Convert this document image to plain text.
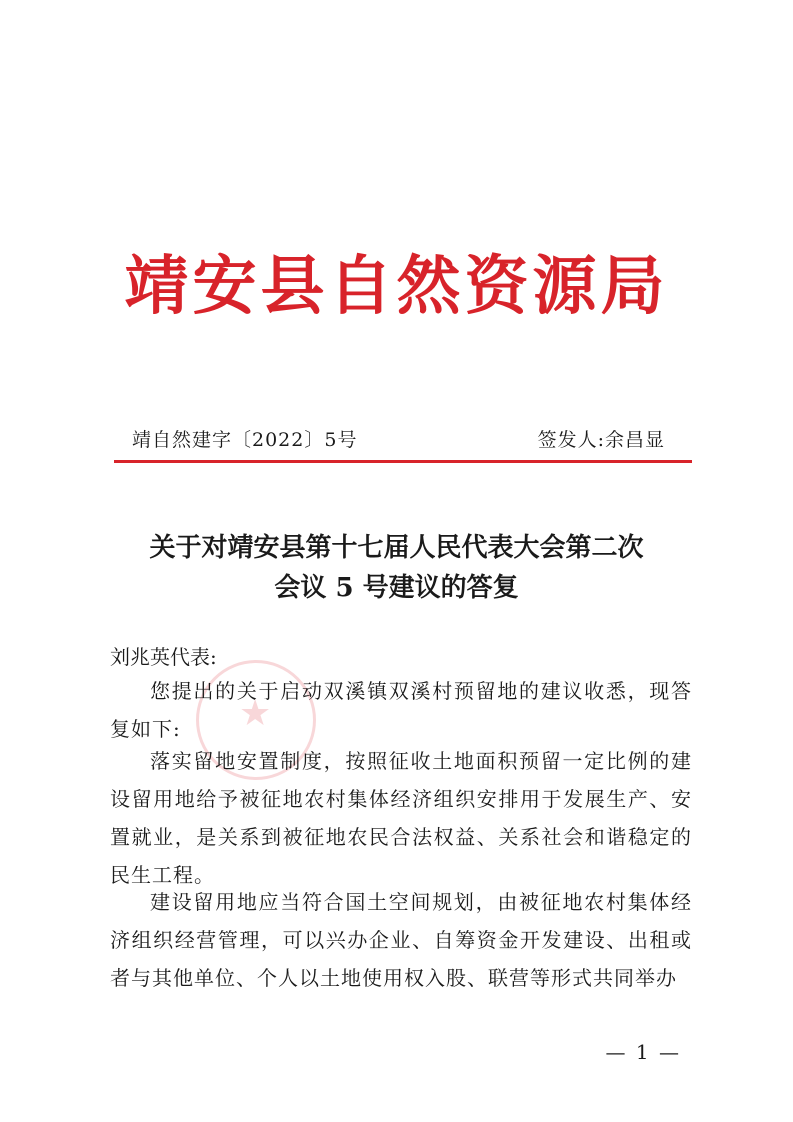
靖安县自然资源局
靖自然建字〔2022〕5号	签发人:余昌显
★
关于对靖安县第十七届人民代表大会第二次
会议 5 号建议的答复
刘兆英代表:

您提出的关于启动双溪镇双溪村预留地的建议收悉，现答复如下:

落实留地安置制度，按照征收土地面积预留一定比例的建设留用地给予被征地农村集体经济组织安排用于发展生产、安置就业，是关系到被征地农民合法权益、关系社会和谐稳定的民生工程。

建设留用地应当符合国土空间规划，由被征地农村集体经济组织经营管理，可以兴办企业、自筹资金开发建设、出租或者与其他单位、个人以土地使用权入股、联营等形式共同举办

— 1 —
